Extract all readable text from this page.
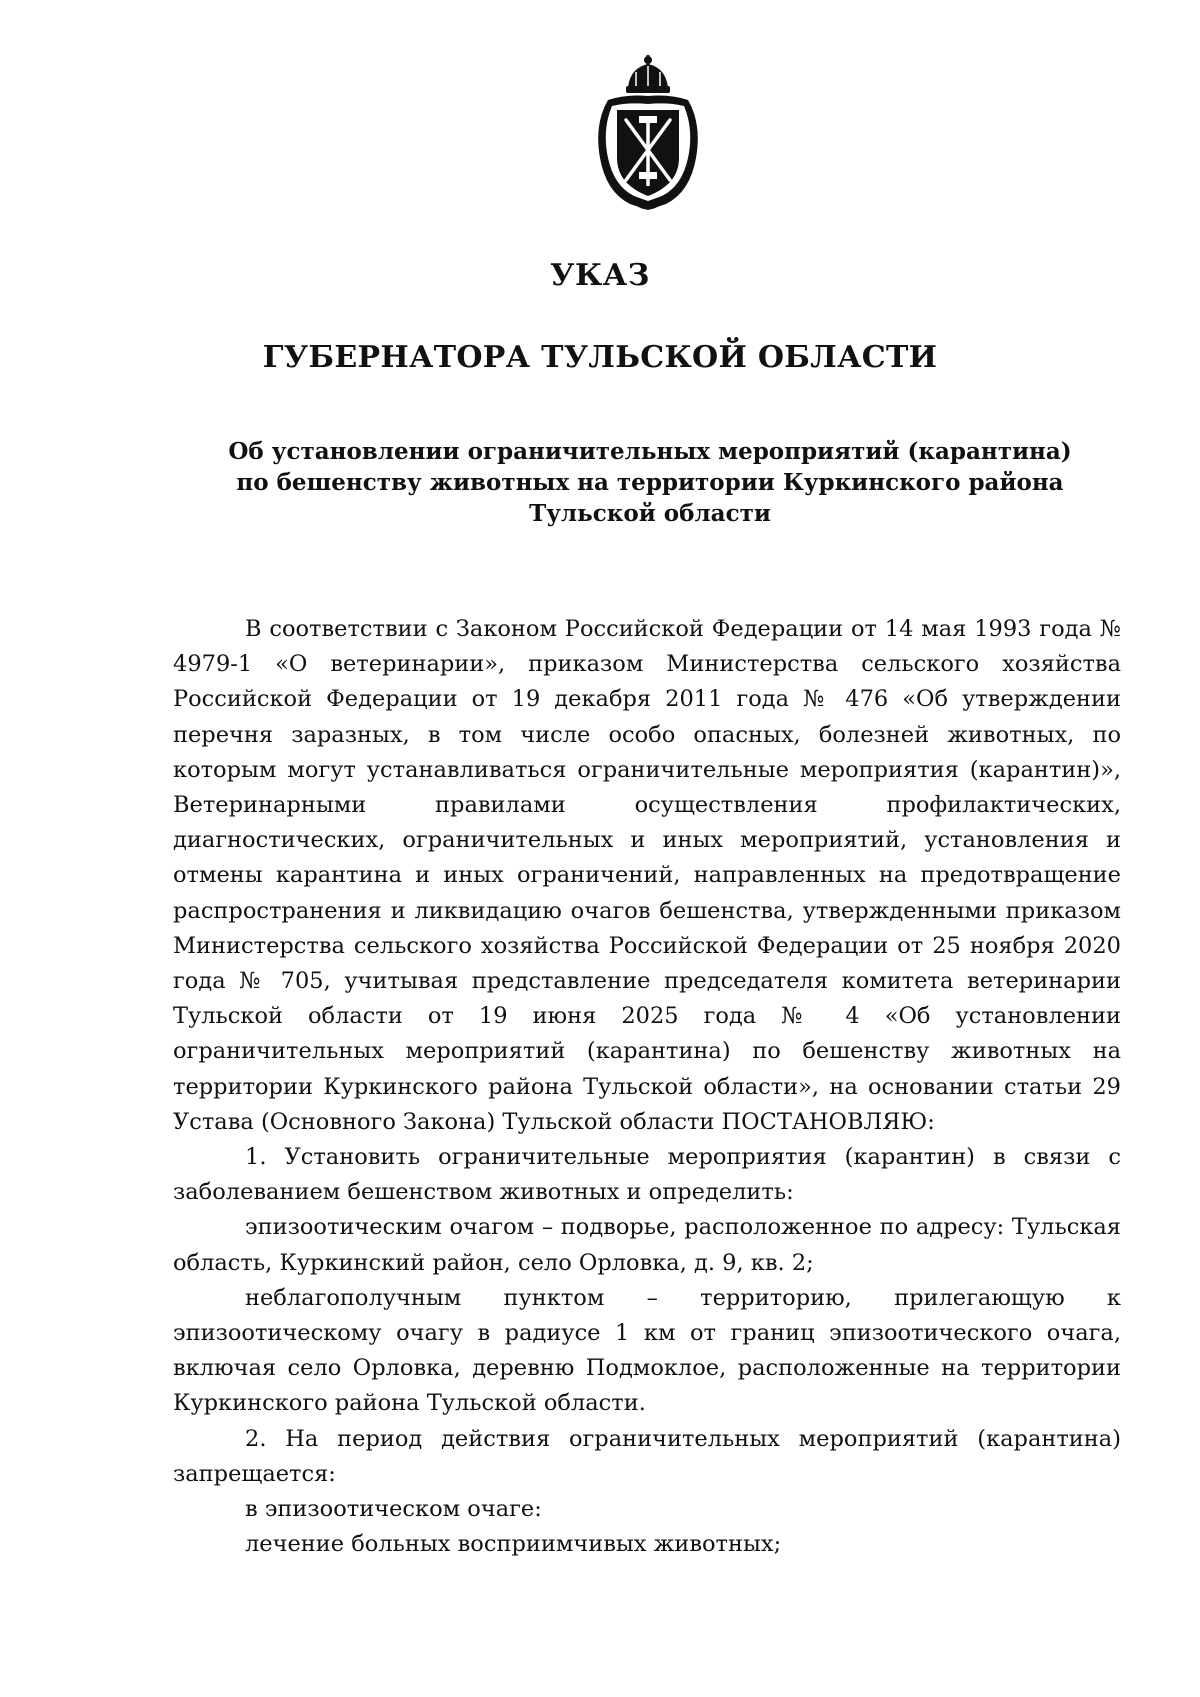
УКАЗ
ГУБЕРНАТОРА ТУЛЬСКОЙ ОБЛАСТИ
Об установлении ограничительных мероприятий (карантина)
по бешенству животных на территории Куркинского района
Тульской области

В соответствии с Законом Российской Федерации от 14 мая 1993 года № 4979-1 «О ветеринарии», приказом Министерства сельского хозяйства Российской Федерации от 19 декабря 2011 года № 476 «Об утверждении перечня заразных, в том числе особо опасных, болезней животных, по которым могут устанавливаться ограничительные мероприятия (карантин)», Ветеринарными правилами осуществления профилактических, диагностических, ограничительных и иных мероприятий, установления и отмены карантина и иных ограничений, направленных на предотвращение распространения и ликвидацию очагов бешенства, утвержденными приказом Министерства сельского хозяйства Российской Федерации от 25 ноября 2020 года № 705, учитывая представление председателя комитета ветеринарии Тульской области от 19 июня 2025 года № 4 «Об установлении ограничительных мероприятий (карантина) по бешенству животных на территории Куркинского района Тульской области», на основании статьи 29 Устава (Основного Закона) Тульской области ПОСТАНОВЛЯЮ:

1. Установить ограничительные мероприятия (карантин) в связи с заболеванием бешенством животных и определить:

эпизоотическим очагом – подворье, расположенное по адресу: Тульская область, Куркинский район, село Орловка, д. 9, кв. 2;

неблагополучным пунктом – территорию, прилегающую к эпизоотическому очагу в радиусе 1 км от границ эпизоотического очага, включая село Орловка, деревню Подмоклое, расположенные на территории Куркинского района Тульской области.

2. На период действия ограничительных мероприятий (карантина) запрещается:

в эпизоотическом очаге:

лечение больных восприимчивых животных;
